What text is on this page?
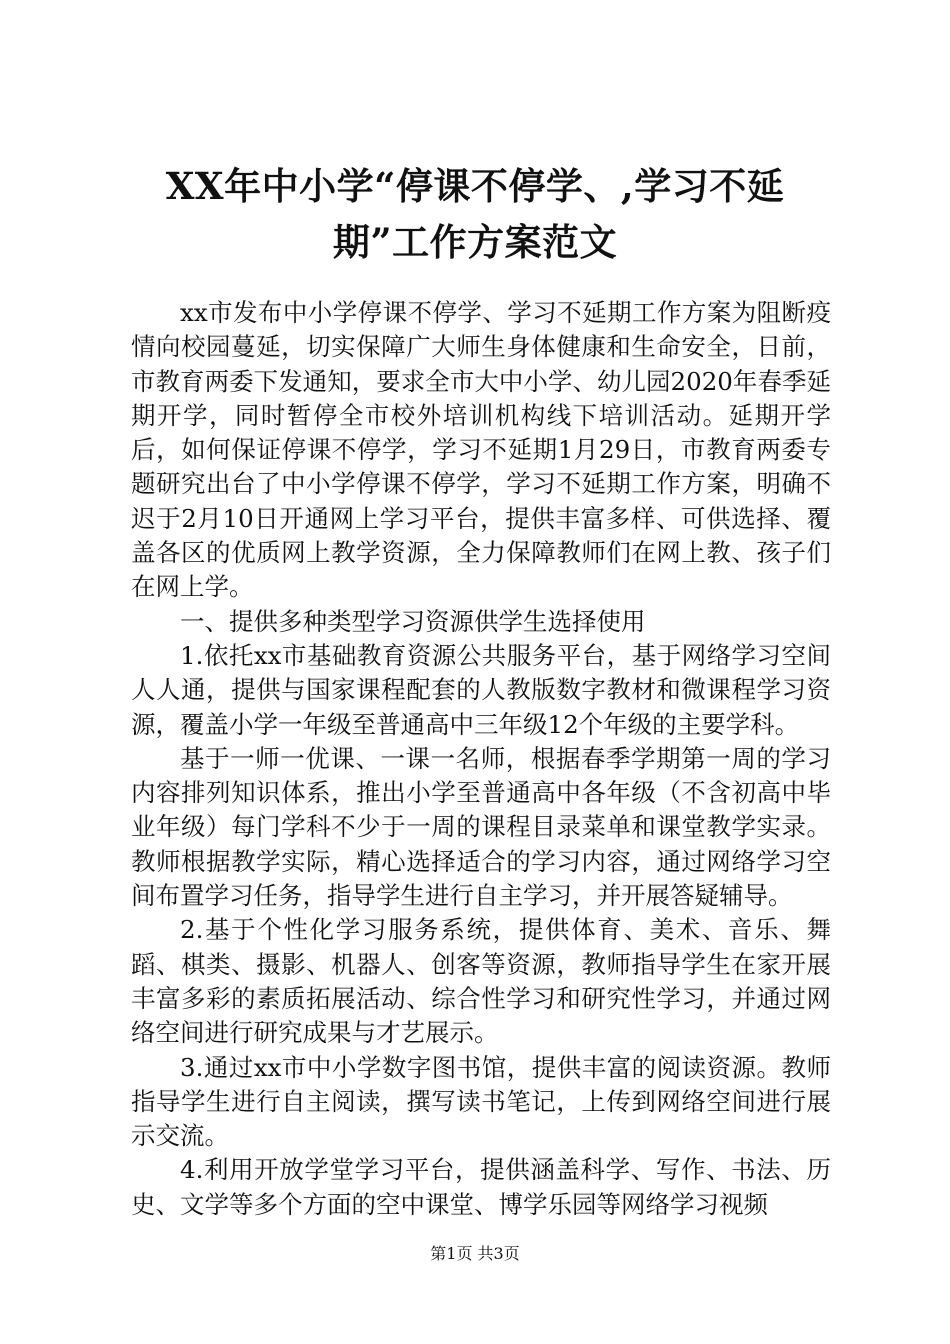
XX年中小学“停课不停学、,学习不延期”工作方案范文

xx市发布中小学停课不停学、学习不延期工作方案为阻断疫情向校园蔓延，切实保障广大师生身体健康和生命安全，日前，市教育两委下发通知，要求全市大中小学、幼儿园2020年春季延期开学，同时暂停全市校外培训机构线下培训活动。延期开学后，如何保证停课不停学，学习不延期1月29日，市教育两委专题研究出台了中小学停课不停学，学习不延期工作方案，明确不迟于2月10日开通网上学习平台，提供丰富多样、可供选择、覆盖各区的优质网上教学资源，全力保障教师们在网上教、孩子们在网上学。

一、提供多种类型学习资源供学生选择使用

1.依托xx市基础教育资源公共服务平台，基于网络学习空间人人通，提供与国家课程配套的人教版数字教材和微课程学习资源，覆盖小学一年级至普通高中三年级12个年级的主要学科。

基于一师一优课、一课一名师，根据春季学期第一周的学习内容排列知识体系，推出小学至普通高中各年级（不含初高中毕业年级）每门学科不少于一周的课程目录菜单和课堂教学实录。教师根据教学实际，精心选择适合的学习内容，通过网络学习空间布置学习任务，指导学生进行自主学习，并开展答疑辅导。

2.基于个性化学习服务系统，提供体育、美术、音乐、舞蹈、棋类、摄影、机器人、创客等资源，教师指导学生在家开展丰富多彩的素质拓展活动、综合性学习和研究性学习，并通过网络空间进行研究成果与才艺展示。

3.通过xx市中小学数字图书馆，提供丰富的阅读资源。教师指导学生进行自主阅读，撰写读书笔记，上传到网络空间进行展示交流。

4.利用开放学堂学习平台，提供涵盖科学、写作、书法、历史、文学等多个方面的空中课堂、博学乐园等网络学习视频

第1页 共3页
